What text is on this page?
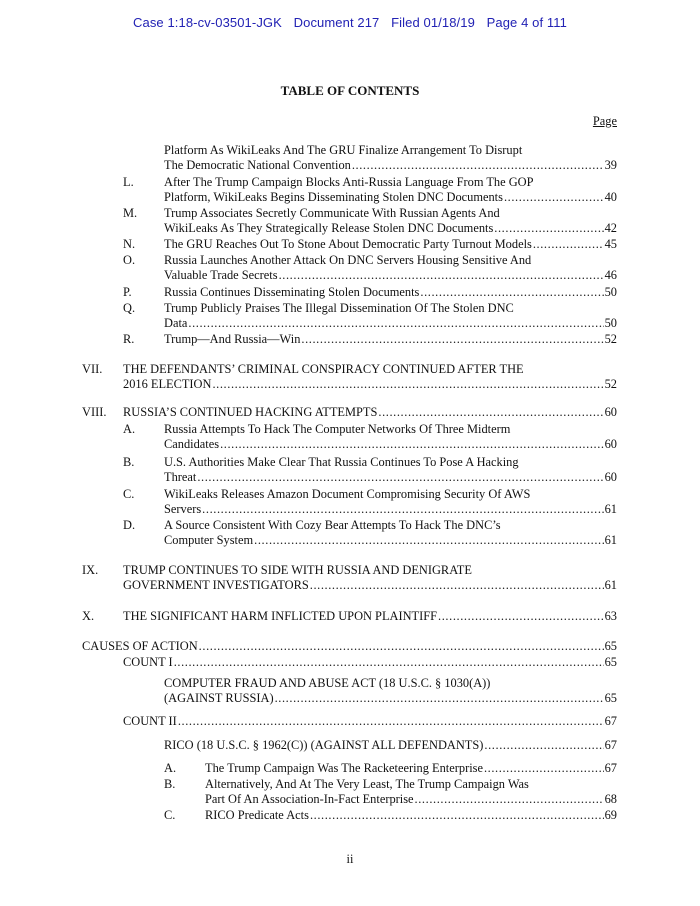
Case 1:18-cv-03501-JGK Document 217 Filed 01/18/19 Page 4 of 111
TABLE OF CONTENTS
Page
Platform As WikiLeaks And The GRU Finalize Arrangement To Disrupt
The Democratic National Convention .....	39
L. After The Trump Campaign Blocks Anti-Russia Language From The GOP
Platform, WikiLeaks Begins Disseminating Stolen DNC Documents .....	40
M. Trump Associates Secretly Communicate With Russian Agents And
WikiLeaks As They Strategically Release Stolen DNC Documents .....	42
N. The GRU Reaches Out To Stone About Democratic Party Turnout Models .....	45
O. Russia Launches Another Attack On DNC Servers Housing Sensitive And
Valuable Trade Secrets .....	46
P.	Russia Continues Disseminating Stolen Documents .....	50
Q. Trump Publicly Praises The Illegal Dissemination Of The Stolen DNC
Data .....	50
R. Trump—And Russia—Win .....	52
VII. THE DEFENDANTS’ CRIMINAL CONSPIRACY CONTINUED AFTER THE
2016 ELECTION .....	52
VIII. RUSSIA’S CONTINUED HACKING ATTEMPTS .....	60
A. Russia Attempts To Hack The Computer Networks Of Three Midterm
Candidates .....	60
B. U.S. Authorities Make Clear That Russia Continues To Pose A Hacking
Threat .....	60
C. WikiLeaks Releases Amazon Document Compromising Security Of AWS
Servers .....	61
D. A Source Consistent With Cozy Bear Attempts To Hack The DNC’s
Computer System .....	61
IX. TRUMP CONTINUES TO SIDE WITH RUSSIA AND DENIGRATE
GOVERNMENT INVESTIGATORS .....	61
X. THE SIGNIFICANT HARM INFLICTED UPON PLAINTIFF .....	63
CAUSES OF ACTION .....	65
COUNT I .....	65
COMPUTER FRAUD AND ABUSE ACT (18 U.S.C. § 1030(A))
(AGAINST RUSSIA) .....	65
COUNT II .....	67
RICO (18 U.S.C. § 1962(C)) (AGAINST ALL DEFENDANTS) .....	67
A. The Trump Campaign Was The Racketeering Enterprise .....	67
B. Alternatively, And At The Very Least, The Trump Campaign Was
Part Of An Association-In-Fact Enterprise .....	68
C. RICO Predicate Acts .....	69
ii
